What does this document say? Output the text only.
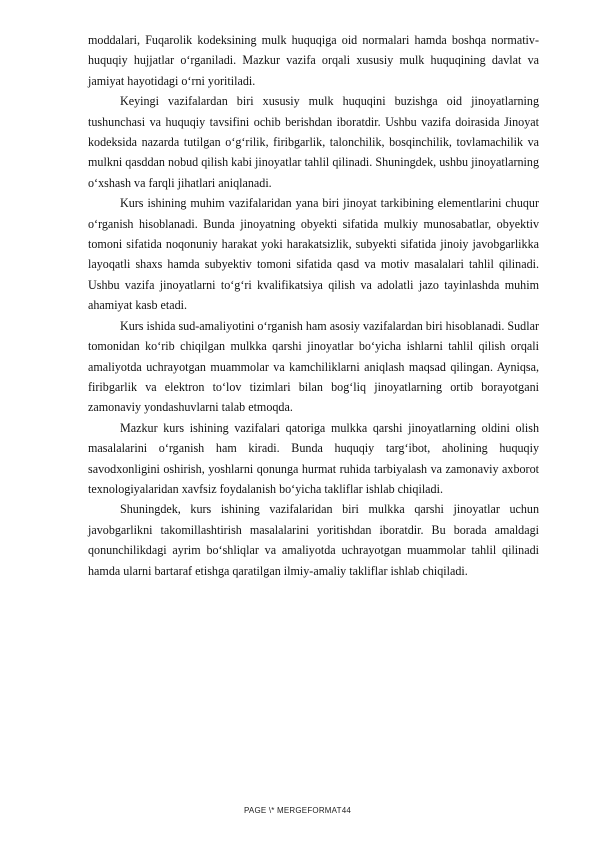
moddalari, Fuqarolik kodeksining mulk huquqiga oid normalari hamda boshqa normativ-huquqiy hujjatlar oʻrganiladi. Mazkur vazifa orqali xususiy mulk huquqining davlat va jamiyat hayotidagi oʻrni yoritiladi.

Keyingi vazifalardan biri xususiy mulk huquqini buzishga oid jinoyatlarning tushunchasi va huquqiy tavsifini ochib berishdan iboratdir. Ushbu vazifa doirasida Jinoyat kodeksida nazarda tutilgan oʻgʻrilik, firibgarlik, talonchilik, bosqinchilik, tovlamachilik va mulkni qasddan nobud qilish kabi jinoyatlar tahlil qilinadi. Shuningdek, ushbu jinoyatlarning oʻxshash va farqli jihatlari aniqlanadi.

Kurs ishining muhim vazifalaridan yana biri jinoyat tarkibining elementlarini chuqur oʻrganish hisoblanadi. Bunda jinoyatning obyekti sifatida mulkiy munosabatlar, obyektiv tomoni sifatida noqonuniy harakat yoki harakatsizlik, subyekti sifatida jinoiy javobgarlikka layoqatli shaxs hamda subyektiv tomoni sifatida qasd va motiv masalalari tahlil qilinadi. Ushbu vazifa jinoyatlarni toʻgʻri kvalifikatsiya qilish va adolatli jazo tayinlashda muhim ahamiyat kasb etadi.

Kurs ishida sud-amaliyotini oʻrganish ham asosiy vazifalardan biri hisoblanadi. Sudlar tomonidan koʻrib chiqilgan mulkka qarshi jinoyatlar boʻyicha ishlarni tahlil qilish orqali amaliyotda uchrayotgan muammolar va kamchiliklarni aniqlash maqsad qilingan. Ayniqsa, firibgarlik va elektron toʻlov tizimlari bilan bogʻliq jinoyatlarning ortib borayotgani zamonaviy yondashuvlarni talab etmoqda.

Mazkur kurs ishining vazifalari qatoriga mulkka qarshi jinoyatlarning oldini olish masalalarini oʻrganish ham kiradi. Bunda huquqiy targʻibot, aholining huquqiy savodxonligini oshirish, yoshlarni qonunga hurmat ruhida tarbiyalash va zamonaviy axborot texnologiyalaridan xavfsiz foydalanish boʻyicha takliflar ishlab chiqiladi.

Shuningdek, kurs ishining vazifalaridan biri mulkka qarshi jinoyatlar uchun javobgarlikni takomillashtirish masalalarini yoritishdan iboratdir. Bu borada amaldagi qonunchilikdagi ayrim boʻshliqlar va amaliyotda uchrayotgan muammolar tahlil qilinadi hamda ularni bartaraf etishga qaratilgan ilmiy-amaliy takliflar ishlab chiqiladi.

PAGE \* MERGEFORMAT44
